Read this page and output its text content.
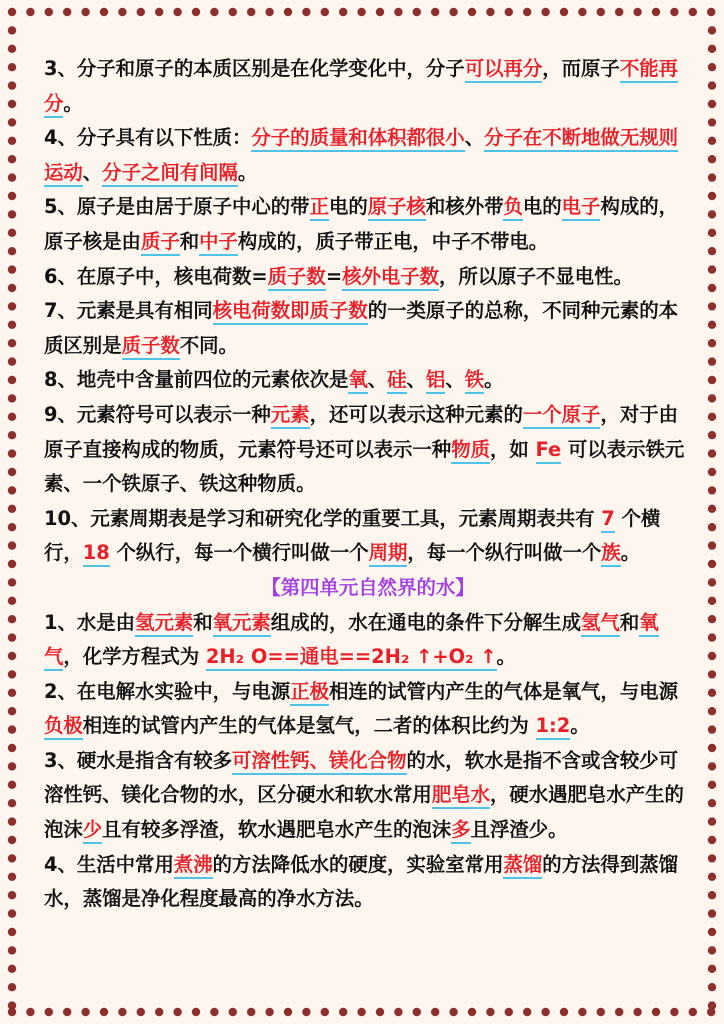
3、分子和原子的本质区别是在化学变化中，分子可以再分，而原子不能再分。

4、分子具有以下性质：分子的质量和体积都很小、分子在不断地做无规则运动、分子之间有间隔。

5、原子是由居于原子中心的带正电的原子核和核外带负电的电子构成的，原子核是由质子和中子构成的，质子带正电，中子不带电。

6、在原子中，核电荷数=质子数=核外电子数，所以原子不显电性。

7、元素是具有相同核电荷数即质子数的一类原子的总称，不同种元素的本质区别是质子数不同。

8、地壳中含量前四位的元素依次是氧、硅、铝、铁。

9、元素符号可以表示一种元素，还可以表示这种元素的一个原子，对于由原子直接构成的物质，元素符号还可以表示一种物质，如 Fe 可以表示铁元素、一个铁原子、铁这种物质。

10、元素周期表是学习和研究化学的重要工具，元素周期表共有 7 个横行，18 个纵行，每一个横行叫做一个周期，每一个纵行叫做一个族。

【第四单元自然界的水】

1、水是由氢元素和氧元素组成的，水在通电的条件下分解生成氢气和氧气，化学方程式为 2H₂ O==通电==2H₂ ↑+O₂ ↑。

2、在电解水实验中，与电源正极相连的试管内产生的气体是氧气，与电源负极相连的试管内产生的气体是氢气，二者的体积比约为 1:2。

3、硬水是指含有较多可溶性钙、镁化合物的水，软水是指不含或含较少可溶性钙、镁化合物的水，区分硬水和软水常用肥皂水，硬水遇肥皂水产生的泡沫少且有较多浮渣，软水遇肥皂水产生的泡沫多且浮渣少。

4、生活中常用煮沸的方法降低水的硬度，实验室常用蒸馏的方法得到蒸馏水，蒸馏是净化程度最高的净水方法。
